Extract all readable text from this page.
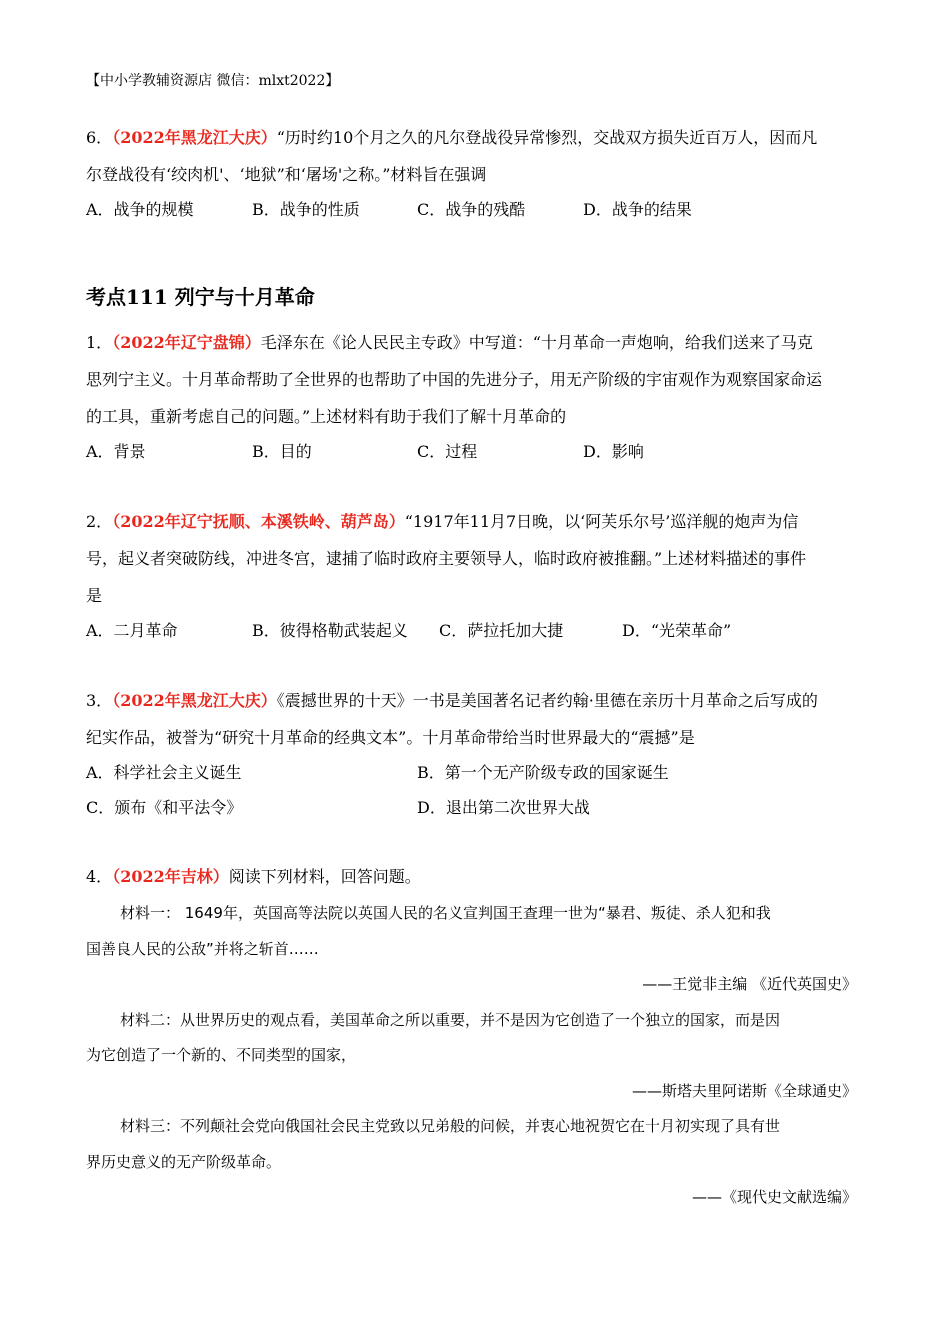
【中小学教辅资源店 微信：mlxt2022】
6．（2022年黑龙江大庆）“历时约10个月之久的凡尔登战役异常惨烈，交战双方损失近百万人，因而凡
尔登战役有‘绞肉机'、‘地狱”和‘屠场'之称。”材料旨在强调
A．战争的规模	B．战争的性质	C．战争的残酷	D．战争的结果
考点111 列宁与十月革命
1．（2022年辽宁盘锦）毛泽东在《论人民民主专政》中写道：“十月革命一声炮响，给我们送来了马克
思列宁主义。十月革命帮助了全世界的也帮助了中国的先进分子，用无产阶级的宇宙观作为观察国家命运
的工具，重新考虑自己的问题。”上述材料有助于我们了解十月革命的
A．背景	B．目的	C．过程	D．影响
2．（2022年辽宁抚顺、本溪铁岭、葫芦岛）“1917年11月7日晚，以‘阿芙乐尔号’巡洋舰的炮声为信
号，起义者突破防线，冲进冬宫，逮捕了临时政府主要领导人，临时政府被推翻。”上述材料描述的事件
是
A．二月革命	B．彼得格勒武装起义 C．萨拉托加大捷	D．“光荣革命”
3．（2022年黑龙江大庆）《震撼世界的十天》一书是美国著名记者约翰·里德在亲历十月革命之后写成的
纪实作品，被誉为“研究十月革命的经典文本”。十月革命带给当时世界最大的“震撼”是
A．科学社会主义诞生	B．第一个无产阶级专政的国家诞生
C．颁布《和平法令》	D．退出第二次世界大战
4．（2022年吉林）阅读下列材料，回答问题。
材料一： 1649年，英国高等法院以英国人民的名义宣判国王查理一世为“暴君、叛徒、杀人犯和我
国善良人民的公敌”并将之斩首……
——王觉非主编 《近代英国史》
材料二：从世界历史的观点看，美国革命之所以重要，并不是因为它创造了一个独立的国家，而是因
为它创造了一个新的、不同类型的国家，
——斯塔夫里阿诺斯《全球通史》
材料三：不列颠社会党向俄国社会民主党致以兄弟般的问候，并衷心地祝贺它在十月初实现了具有世
界历史意义的无产阶级革命。
——《现代史文献选编》
